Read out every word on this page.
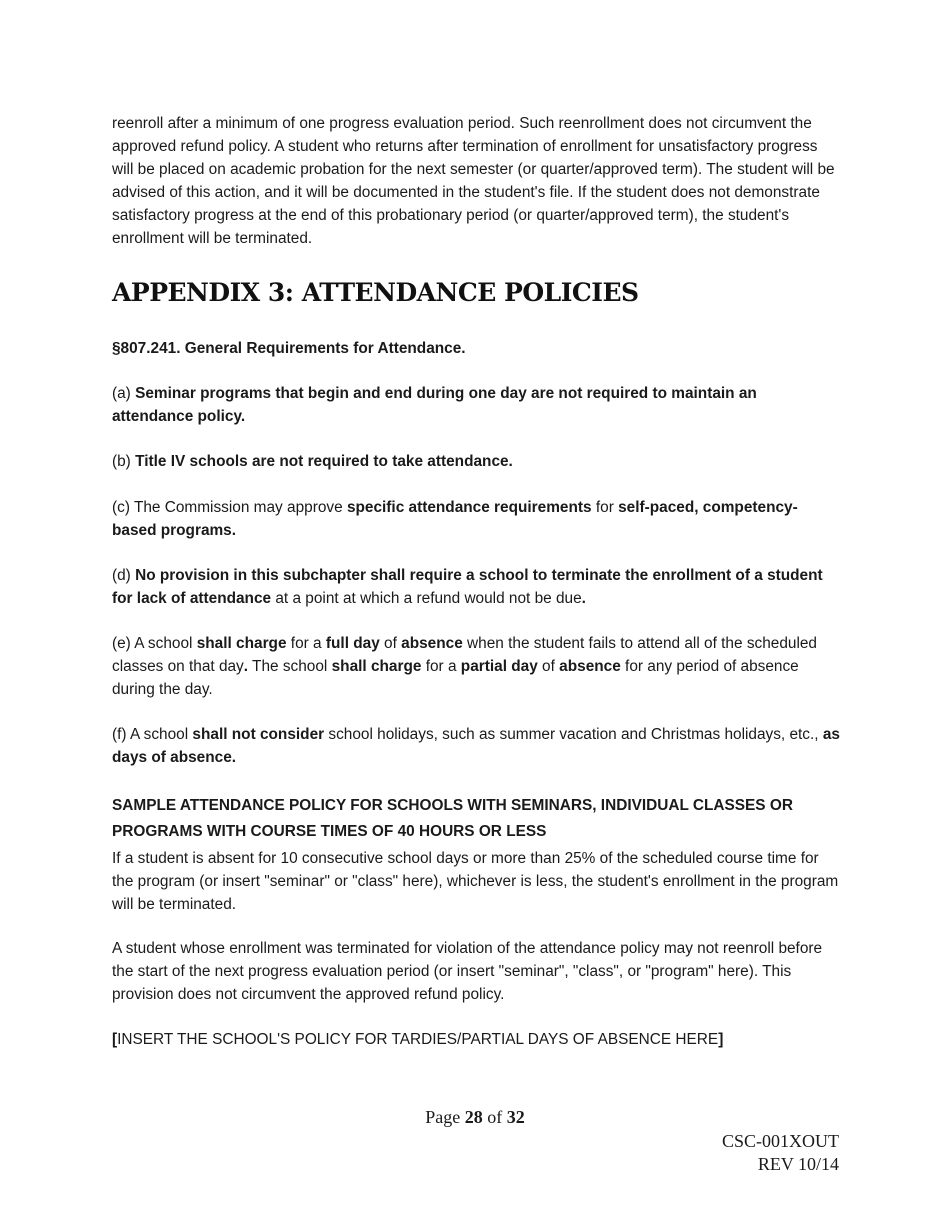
reenroll after a minimum of one progress evaluation period. Such reenrollment does not circumvent the approved refund policy. A student who returns after termination of enrollment for unsatisfactory progress will be placed on academic probation for the next semester (or quarter/approved term). The student will be advised of this action, and it will be documented in the student's file. If the student does not demonstrate satisfactory progress at the end of this probationary period (or quarter/approved term), the student's enrollment will be terminated.
APPENDIX 3: ATTENDANCE POLICIES
§807.241. General Requirements for Attendance.
(a) Seminar programs that begin and end during one day are not required to maintain an attendance policy.
(b) Title IV schools are not required to take attendance.
(c) The Commission may approve specific attendance requirements for self-paced, competency-based programs.
(d) No provision in this subchapter shall require a school to terminate the enrollment of a student for lack of attendance at a point at which a refund would not be due.
(e) A school shall charge for a full day of absence when the student fails to attend all of the scheduled classes on that day. The school shall charge for a partial day of absence for any period of absence during the day.
(f) A school shall not consider school holidays, such as summer vacation and Christmas holidays, etc., as days of absence.
SAMPLE ATTENDANCE POLICY FOR SCHOOLS WITH SEMINARS, INDIVIDUAL CLASSES OR PROGRAMS WITH COURSE TIMES OF 40 HOURS OR LESS
If a student is absent for 10 consecutive school days or more than 25% of the scheduled course time for the program (or insert "seminar" or "class" here), whichever is less, the student's enrollment in the program will be terminated.
A student whose enrollment was terminated for violation of the attendance policy may not reenroll before the start of the next progress evaluation period (or insert "seminar", "class", or "program" here). This provision does not circumvent the approved refund policy.
[INSERT THE SCHOOL'S POLICY FOR TARDIES/PARTIAL DAYS OF ABSENCE HERE]
Page 28 of 32
CSC-001XOUT
REV 10/14
